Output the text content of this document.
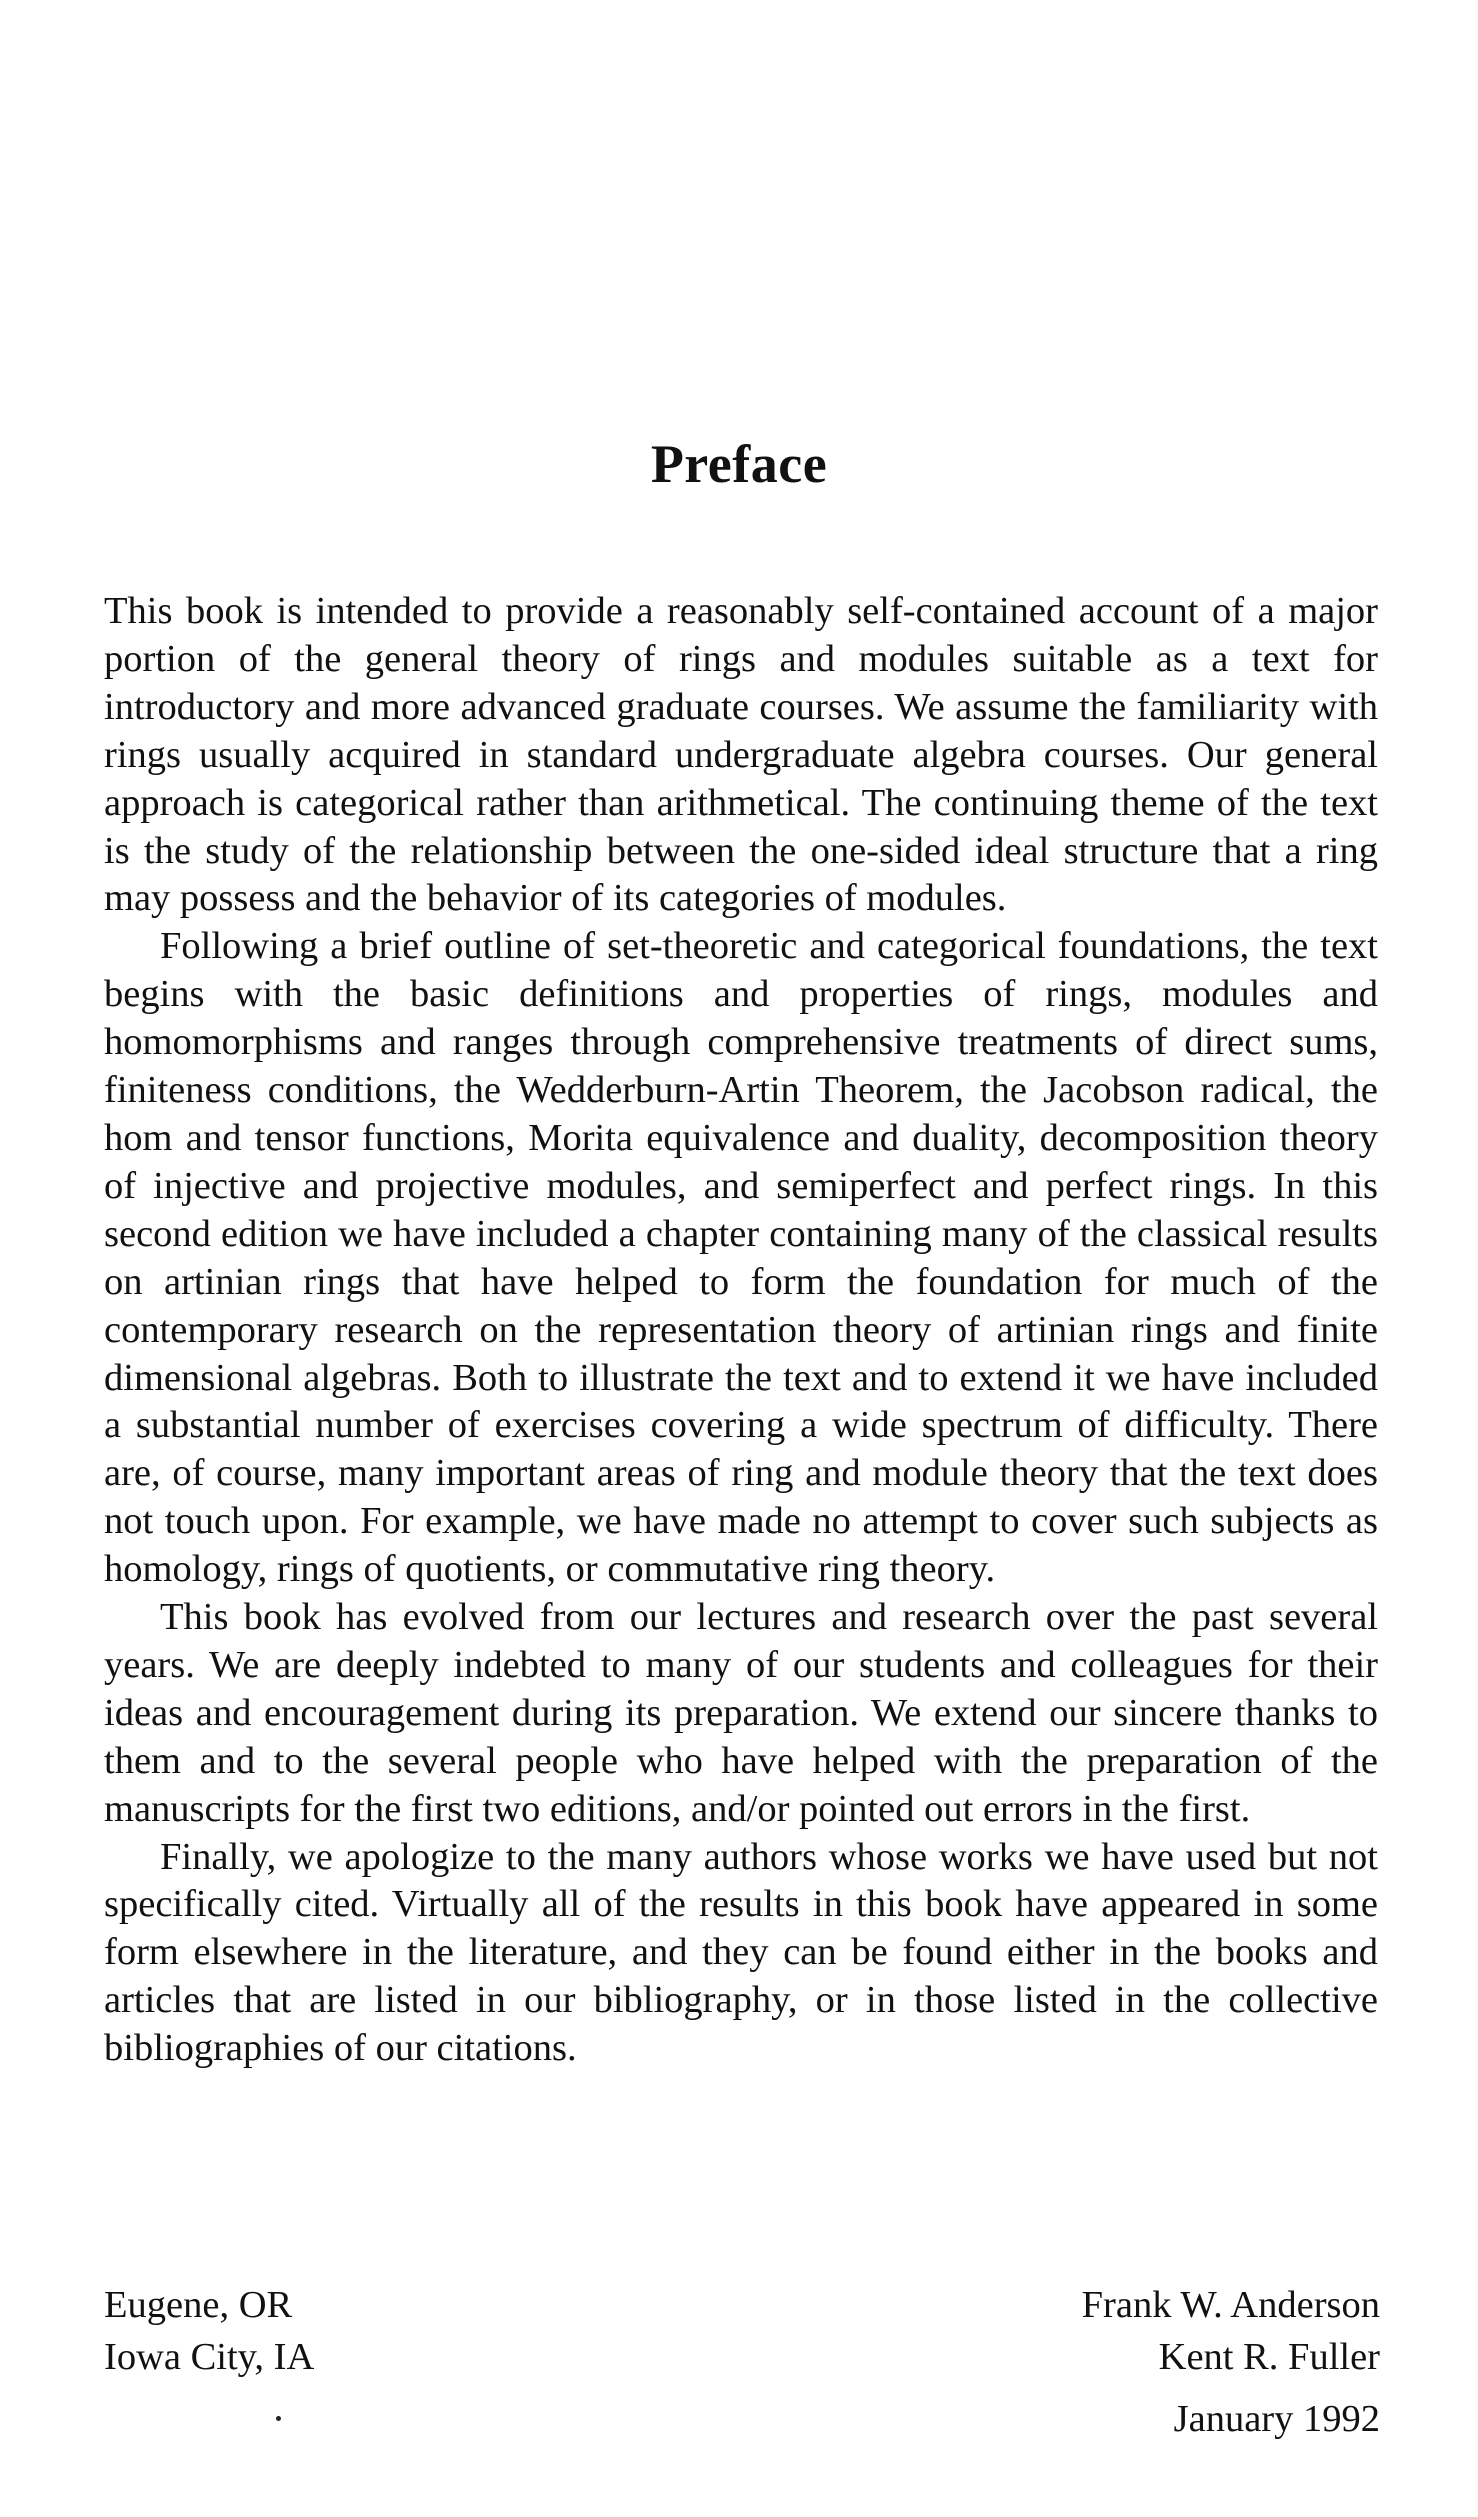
Preface

This book is intended to provide a reasonably self-contained account of a major portion of the general theory of rings and modules suitable as a text for introductory and more advanced graduate courses. We assume the familiarity with rings usually acquired in standard undergraduate algebra courses. Our general approach is categorical rather than arithmetical. The continuing theme of the text is the study of the relationship between the one-sided ideal structure that a ring may possess and the behavior of its categories of modules.

Following a brief outline of set-theoretic and categorical foundations, the text begins with the basic definitions and properties of rings, modules and homomorphisms and ranges through comprehensive treatments of direct sums, finiteness conditions, the Wedderburn-Artin Theorem, the Jacobson radical, the hom and tensor functions, Morita equivalence and duality, decomposition theory of injective and projective modules, and semiperfect and perfect rings. In this second edition we have included a chapter containing many of the classical results on artinian rings that have helped to form the foundation for much of the contemporary research on the representation theory of artinian rings and finite dimensional algebras. Both to illustrate the text and to extend it we have included a substantial number of exercises covering a wide spectrum of difficulty. There are, of course, many important areas of ring and module theory that the text does not touch upon. For example, we have made no attempt to cover such subjects as homology, rings of quotients, or commutative ring theory.

This book has evolved from our lectures and research over the past several years. We are deeply indebted to many of our students and colleagues for their ideas and encouragement during its preparation. We extend our sincere thanks to them and to the several people who have helped with the preparation of the manuscripts for the first two editions, and/or pointed out errors in the first.

Finally, we apologize to the many authors whose works we have used but not specifically cited. Virtually all of the results in this book have appeared in some form elsewhere in the literature, and they can be found either in the books and articles that are listed in our bibliography, or in those listed in the collective bibliographies of our citations.

Eugene, OR
Iowa City, IA
Frank W. Anderson
Kent R. Fuller
January 1992
